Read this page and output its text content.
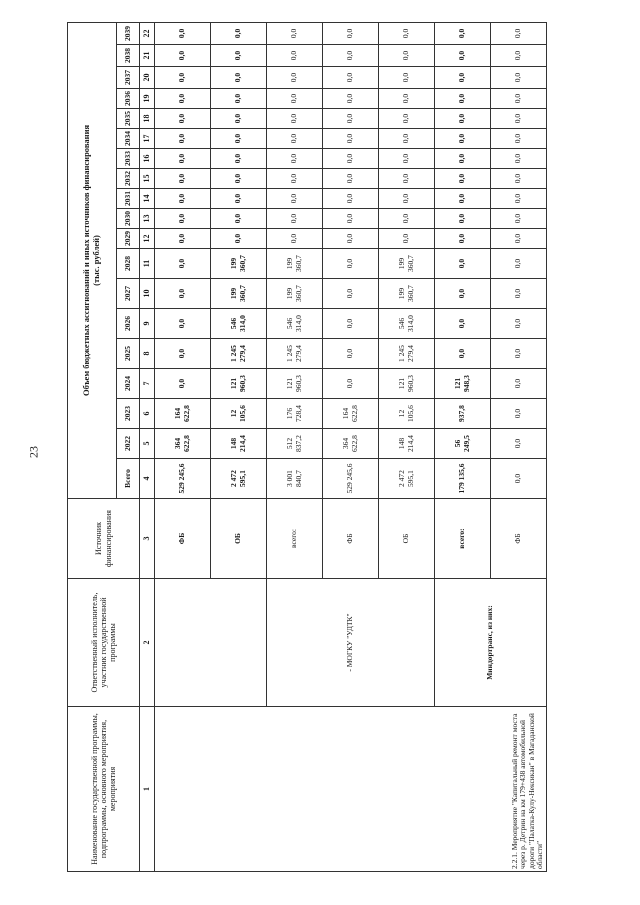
23
Наименование государственной программы, подпрограммы, основного мероприятия, мероприятия	Ответственный исполнитель, участник государственной программы	Источник финансирования	Объем бюджетных ассигнований и иных источников финансирования
(тыс. рублей)																		
			Всего	2022	2023	2024	2025	2026	2027	2028	2029	2030	2031	2032	2033	2034	2035	2036	2037	2038	2039
1	2	3	4	5	6	7	8	9	10	11	12	13	14	15	16	17	18	19	20	21	22
2.2.1. Мероприятие "Капитальный ремонт моста через р. Детрин на км 179+438 автомобильной дороги "Палатка-Кулу-Нексикан" в Магаданской области"		ФБ	529 245,6	364 622,8	164 622,8	0,0	0,0	0,0	0,0	0,0	0,0	0,0	0,0	0,0	0,0	0,0	0,0	0,0	0,0	0,0	0,0
		ОБ	2 472 595,1	148 214,4	12 105,6	121 960,3	1 245 279,4	546 314,0	199 360,7	199 360,7	0,0	0,0	0,0	0,0	0,0	0,0	0,0	0,0	0,0	0,0	0,0
	- МОГКУ "УДТК"	всего:	3 001 840,7	512 837,2	176 728,4	121 960,3	1 245 279,4	546 314,0	199 360,7	199 360,7	0,0	0,0	0,0	0,0	0,0	0,0	0,0	0,0	0,0	0,0	0,0
		ФБ	529 245,6	364 622,8	164 622,8	0,0	0,0	0,0	0,0	0,0	0,0	0,0	0,0	0,0	0,0	0,0	0,0	0,0	0,0	0,0	0,0
		ОБ	2 472 595,1	148 214,4	12 105,6	121 960,3	1 245 279,4	546 314,0	199 360,7	199 360,7	0,0	0,0	0,0	0,0	0,0	0,0	0,0	0,0	0,0	0,0	0,0
	Миндортранс, из них:	всего:	179 135,6	56 249,5	937,8	121 948,3	0,0	0,0	0,0	0,0	0,0	0,0	0,0	0,0	0,0	0,0	0,0	0,0	0,0	0,0	0,0
		ФБ	0,0	0,0	0,0	0,0	0,0	0,0	0,0	0,0	0,0	0,0	0,0	0,0	0,0	0,0	0,0	0,0	0,0	0,0	0,0
